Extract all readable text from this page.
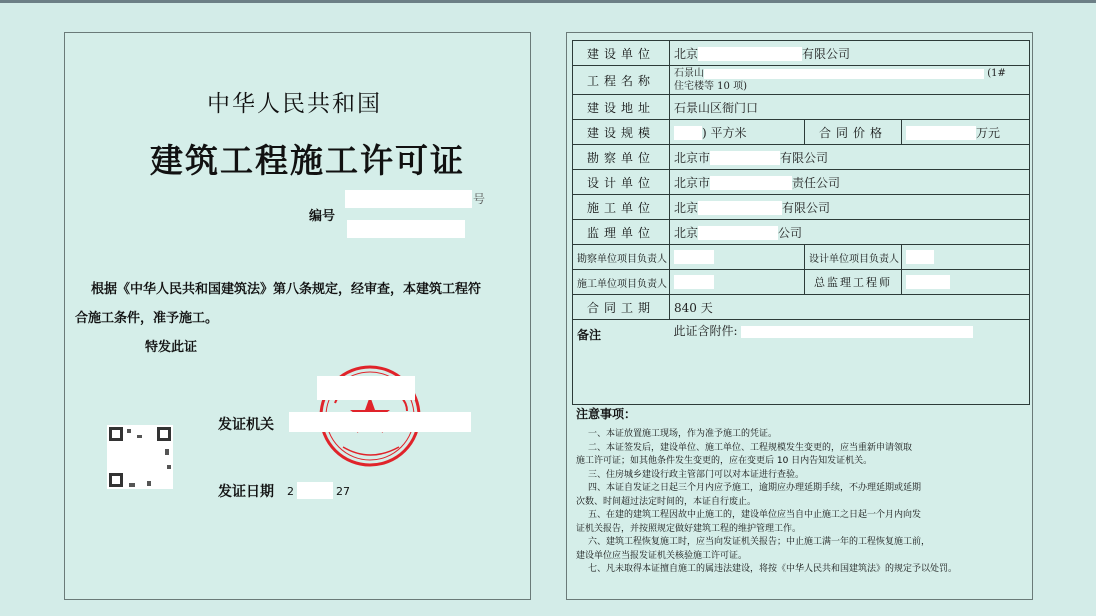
中华人民共和国
建筑工程施工许可证
编号
号
根据《中华人民共和国建筑法》第八条规定，经审查，本建筑工程符
合施工条件，准予施工。
特发此证
发证机关
发证日期 2	27
建设单位	北京 有限公司		
工程名称	石景山 (1#
住宅楼等 10 项)		

建设地址	石景山区衙门口		
建设规模	) 平方米	合同价格	万元
勘察单位	北京市 有限公司		
设计单位	北京市 责任公司		
施工单位	北京 有限公司		
监理单位	北京 公司		
勘察单位项目负责人		设计单位项目负责人	
施工单位项目负责人		总监理工程师	
合同工期	840 天		
备注	此证含附件:		
注意事项：
一、本证放置施工现场，作为准予施工的凭证。
二、本证签发后，建设单位、施工单位、工程规模发生变更的，应当重新申请领取
施工许可证；如其他条件发生变更的，应在变更后 10 日内告知发证机关。
三、住房城乡建设行政主管部门可以对本证进行查验。
四、本证自发证之日起三个月内应予施工，逾期应办理延期手续，不办理延期或延期
次数、时间超过法定时间的，本证自行废止。
五、在建的建筑工程因故中止施工的，建设单位应当自中止施工之日起一个月内向发
证机关报告，并按照规定做好建筑工程的维护管理工作。
六、建筑工程恢复施工时，应当向发证机关报告；中止施工满一年的工程恢复施工前，
建设单位应当报发证机关核验施工许可证。
七、凡未取得本证擅自施工的属违法建设，将按《中华人民共和国建筑法》的规定予以处罚。
